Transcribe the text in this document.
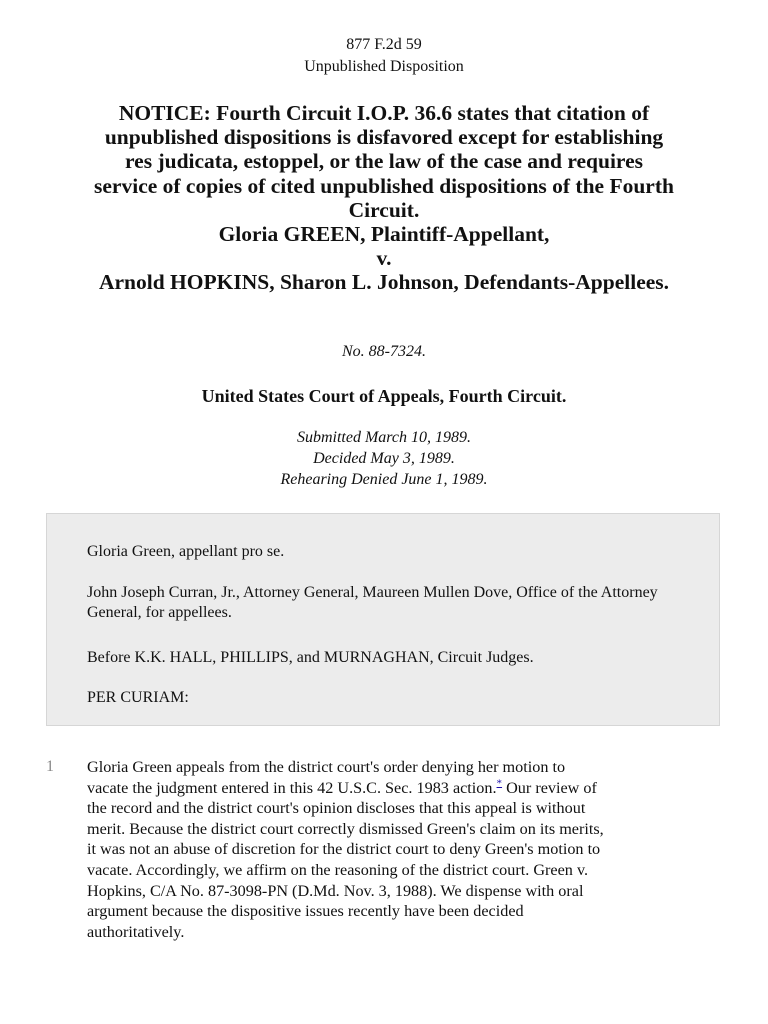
877 F.2d 59
Unpublished Disposition
NOTICE: Fourth Circuit I.O.P. 36.6 states that citation of
unpublished dispositions is disfavored except for establishing
res judicata, estoppel, or the law of the case and requires
service of copies of cited unpublished dispositions of the Fourth
Circuit.
Gloria GREEN, Plaintiff-Appellant,
v.
Arnold HOPKINS, Sharon L. Johnson, Defendants-Appellees.
No. 88-7324.
United States Court of Appeals, Fourth Circuit.
Submitted March 10, 1989.
Decided May 3, 1989.
Rehearing Denied June 1, 1989.

Gloria Green, appellant pro se.

John Joseph Curran, Jr., Attorney General, Maureen Mullen Dove, Office of the Attorney General, for appellees.

Before K.K. HALL, PHILLIPS, and MURNAGHAN, Circuit Judges.

PER CURIAM:

1 Gloria Green appeals from the district court's order denying her motion to
vacate the judgment entered in this 42 U.S.C. Sec. 1983 action.* Our review of
the record and the district court's opinion discloses that this appeal is without
merit. Because the district court correctly dismissed Green's claim on its merits,
it was not an abuse of discretion for the district court to deny Green's motion to
vacate. Accordingly, we affirm on the reasoning of the district court. Green v.
Hopkins, C/A No. 87-3098-PN (D.Md. Nov. 3, 1988). We dispense with oral
argument because the dispositive issues recently have been decided
authoritatively.
